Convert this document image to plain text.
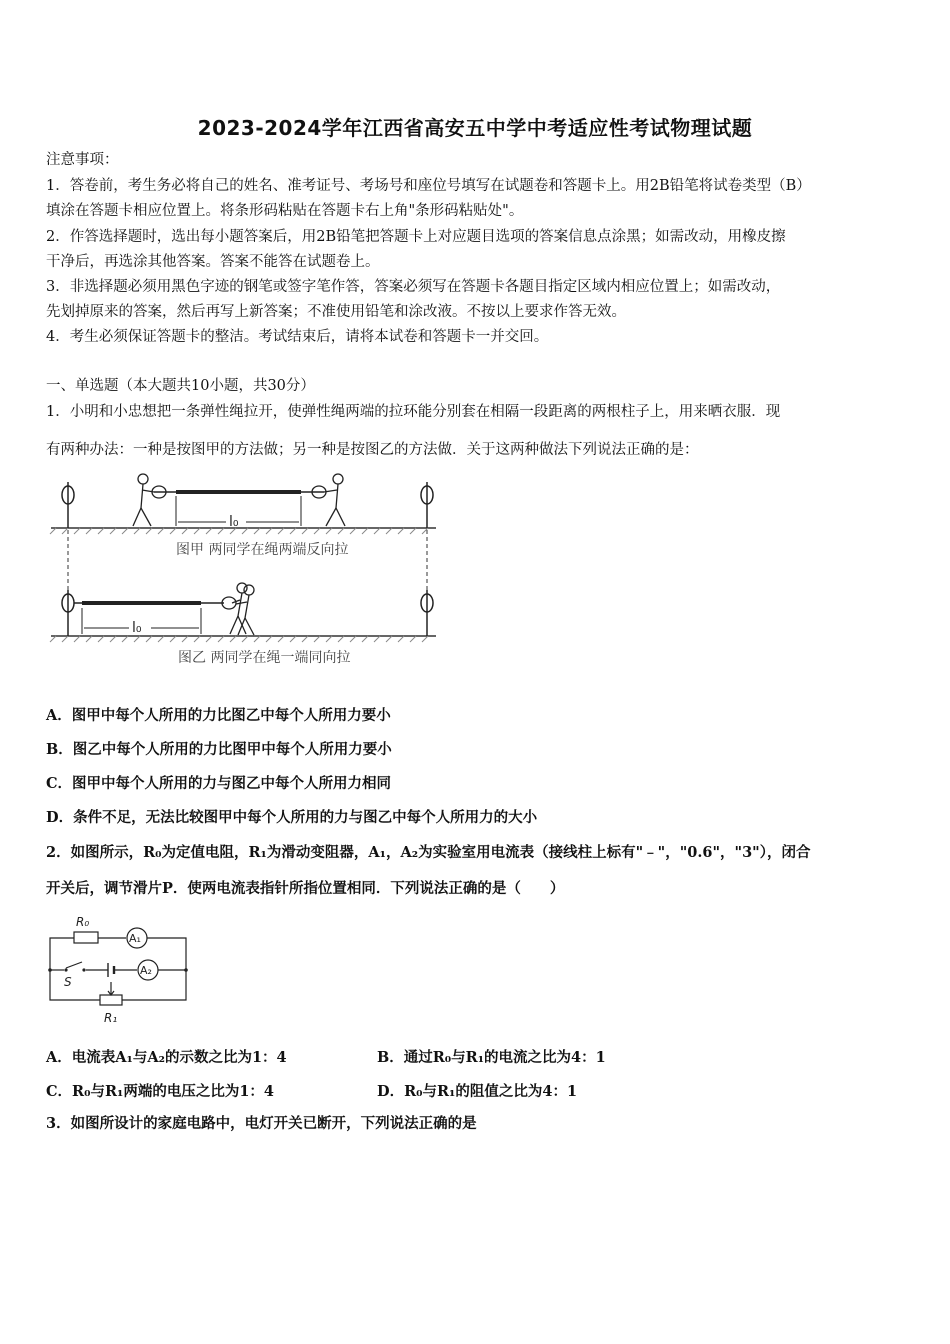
2023-2024学年江西省高安五中学中考适应性考试物理试题
注意事项：
1．答卷前，考生务必将自己的姓名、准考证号、考场号和座位号填写在试题卷和答题卡上。用2B铅笔将试卷类型（B）
填涂在答题卡相应位置上。将条形码粘贴在答题卡右上角"条形码粘贴处"。
2．作答选择题时，选出每小题答案后，用2B铅笔把答题卡上对应题目选项的答案信息点涂黑；如需改动，用橡皮擦
干净后，再选涂其他答案。答案不能答在试题卷上。
3．非选择题必须用黑色字迹的钢笔或签字笔作答，答案必须写在答题卡各题目指定区域内相应位置上；如需改动，
先划掉原来的答案，然后再写上新答案；不准使用铅笔和涂改液。不按以上要求作答无效。
4．考生必须保证答题卡的整洁。考试结束后，请将本试卷和答题卡一并交回。
一、单选题（本大题共10小题，共30分）
1．小明和小忠想把一条弹性绳拉开，使弹性绳两端的拉环能分别套在相隔一段距离的两根柱子上，用来晒衣服．现
有两种办法：一种是按图甲的方法做；另一种是按图乙的方法做．关于这两种做法下列说法正确的是：
l₀
图甲 两同学在绳两端反向拉
l₀
图乙 两同学在绳一端同向拉
A．图甲中每个人所用的力比图乙中每个人所用力要小
B．图乙中每个人所用的力比图甲中每个人所用力要小
C．图甲中每个人所用的力与图乙中每个人所用力相同
D．条件不足，无法比较图甲中每个人所用的力与图乙中每个人所用力的大小
2．如图所示，R₀为定值电阻，R₁为滑动变阻器，A₁，A₂为实验室用电流表（接线柱上标有"﹣"，"0.6"，"3"），闭合
开关后，调节滑片P．使两电流表指针所指位置相同．下列说法正确的是（　　）
R₀
A₁
A₂
S
R₁
A．电流表A₁与A₂的示数之比为1：4	B．通过R₀与R₁的电流之比为4：1
C．R₀与R₁两端的电压之比为1：4	D．R₀与R₁的阻值之比为4：1
3．如图所设计的家庭电路中，电灯开关已断开，下列说法正确的是
